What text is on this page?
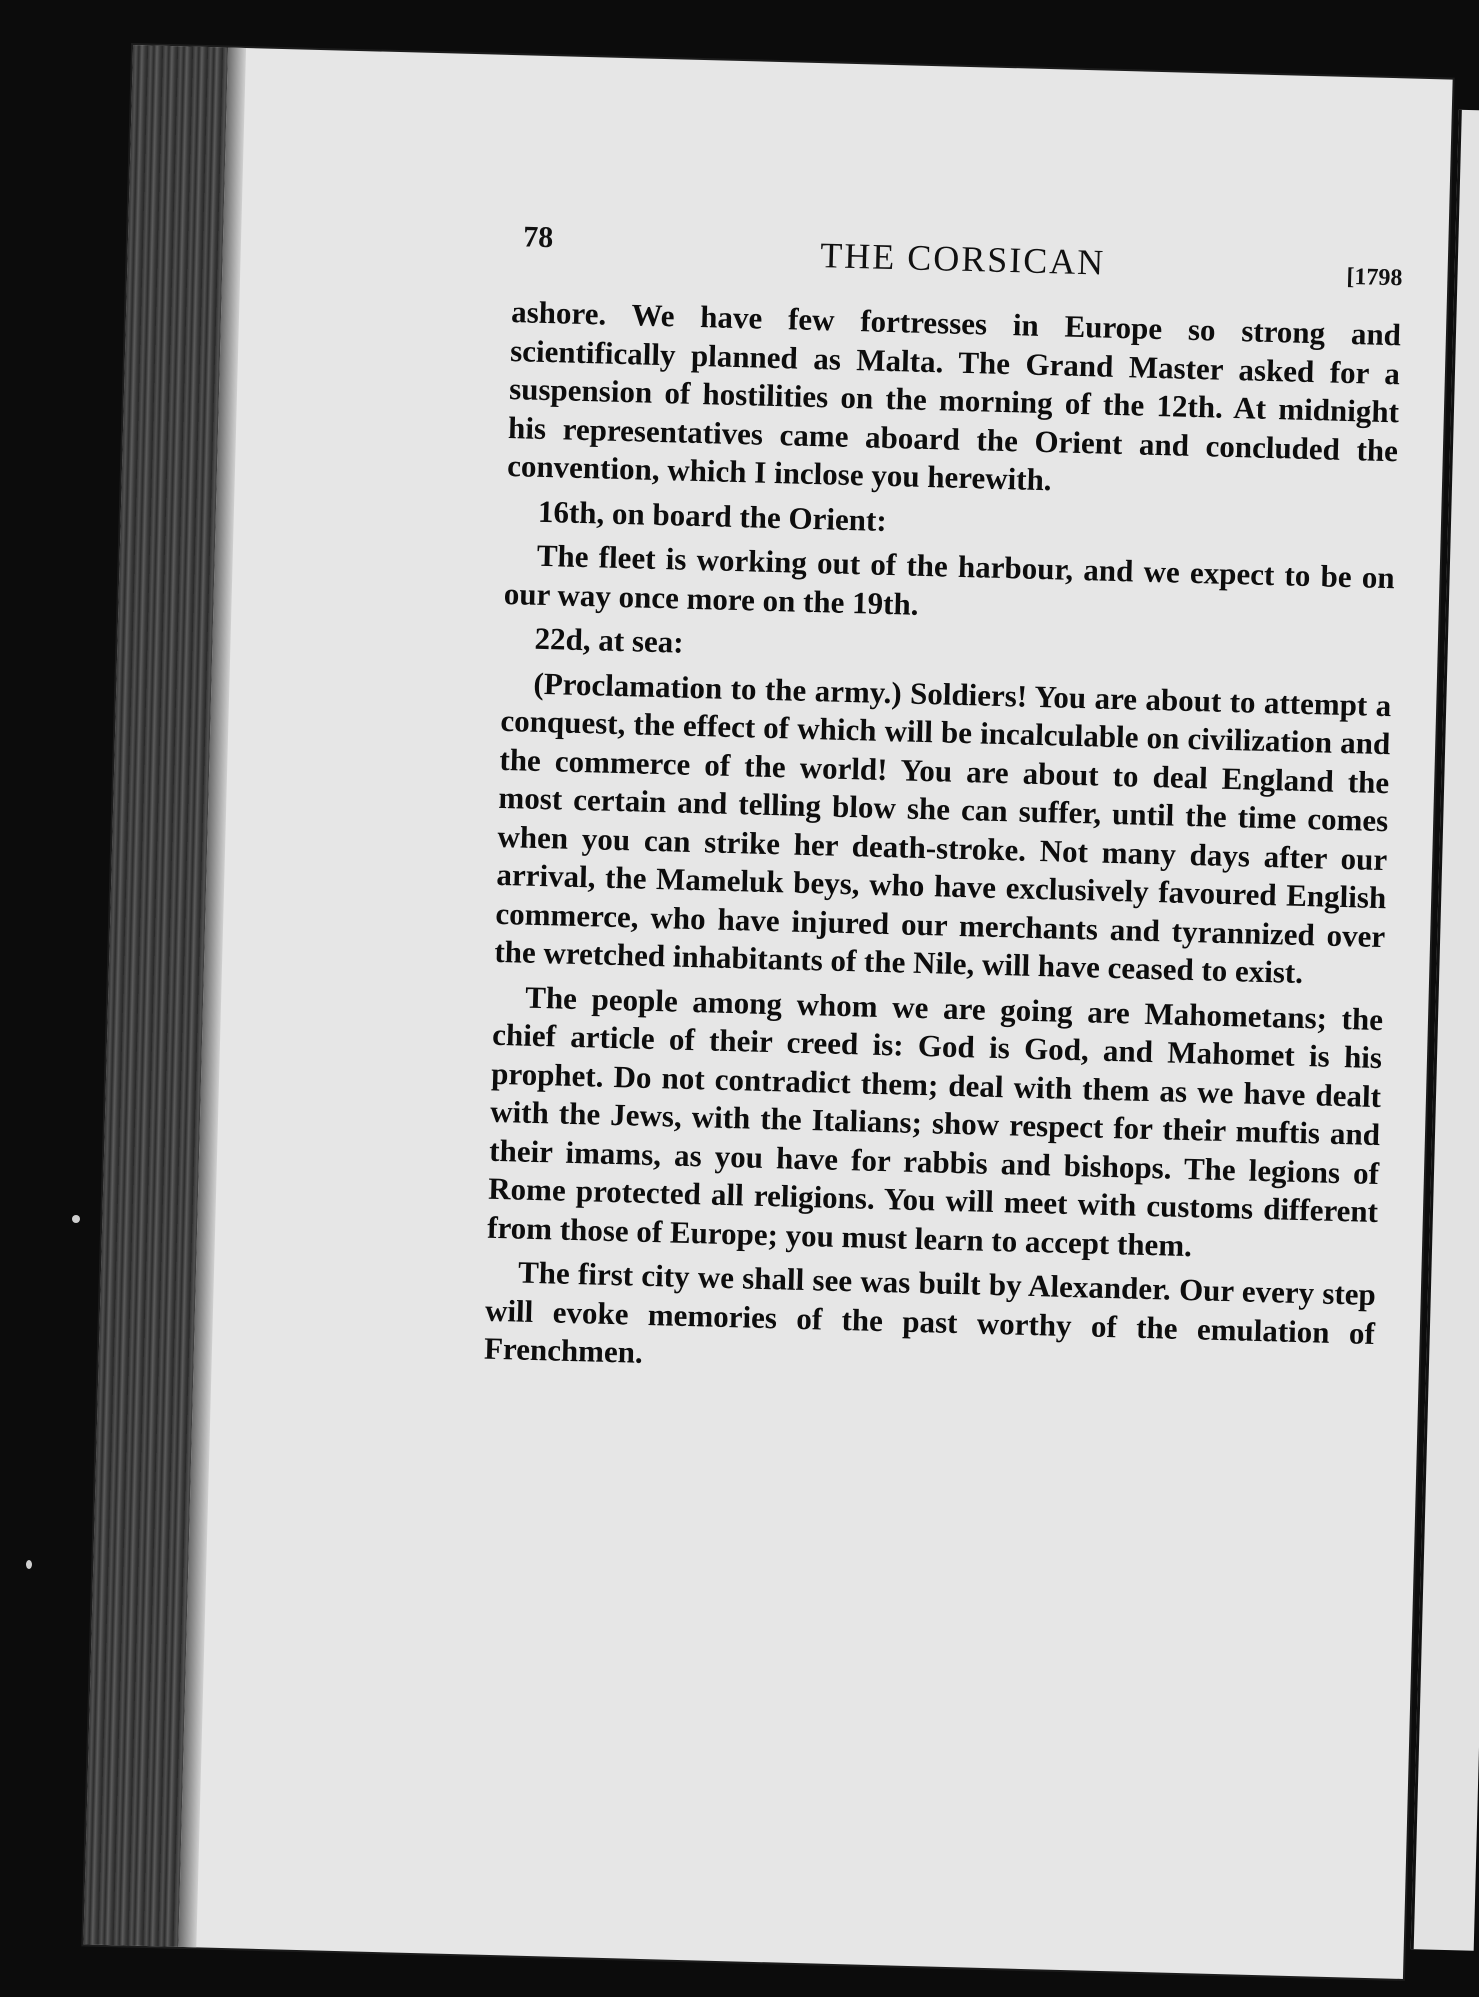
78	THE CORSICAN	[1798

ashore. We have few fortresses in Europe so strong and scientifically planned as Malta. The Grand Master asked for a suspension of hostilities on the morning of the 12th. At midnight his representatives came aboard the Orient and concluded the convention, which I inclose you herewith.

16th, on board the Orient:

The fleet is working out of the harbour, and we expect to be on our way once more on the 19th.

22d, at sea:

(Proclamation to the army.) Soldiers! You are about to attempt a conquest, the effect of which will be incalculable on civilization and the commerce of the world! You are about to deal England the most certain and telling blow she can suffer, until the time comes when you can strike her death-stroke. Not many days after our arrival, the Mameluk beys, who have exclusively favoured English commerce, who have injured our merchants and tyrannized over the wretched inhabitants of the Nile, will have ceased to exist.

The people among whom we are going are Mahometans; the chief article of their creed is: God is God, and Mahomet is his prophet. Do not contradict them; deal with them as we have dealt with the Jews, with the Italians; show respect for their muftis and their imams, as you have for rabbis and bishops. The legions of Rome protected all religions. You will meet with customs different from those of Europe; you must learn to accept them.

The first city we shall see was built by Alexander. Our every step will evoke memories of the past worthy of the emulation of Frenchmen.
